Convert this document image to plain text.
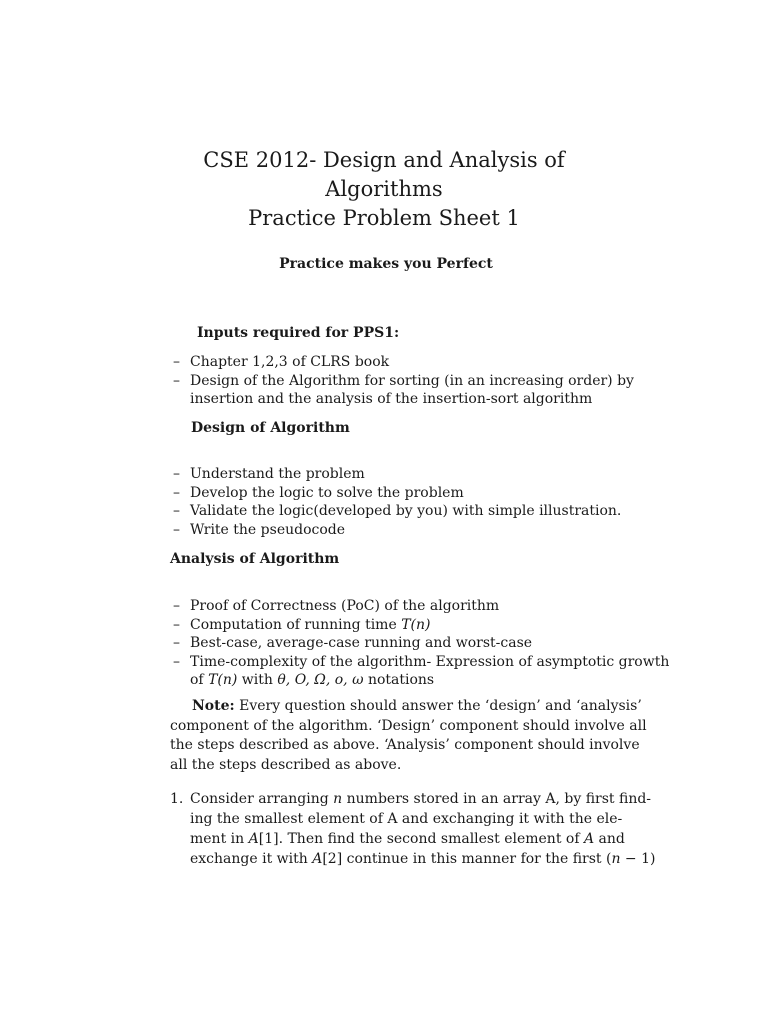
CSE 2012- Design and Analysis of
Algorithms
Practice Problem Sheet 1
Practice makes you Perfect
Inputs required for PPS1:
– Chapter 1,2,3 of CLRS book
– Design of the Algorithm for sorting (in an increasing order) by
insertion and the analysis of the insertion-sort algorithm
Design of Algorithm
– Understand the problem
– Develop the logic to solve the problem
– Validate the logic(developed by you) with simple illustration.
– Write the pseudocode
Analysis of Algorithm
– Proof of Correctness (PoC) of the algorithm
– Computation of running time T(n)
– Best-case, average-case running and worst-case
– Time-complexity of the algorithm- Expression of asymptotic growth
of T(n) with θ, O, Ω, o, ω notations
Note: Every question should answer the ‘design’ and ‘analysis’
component of the algorithm. ‘Design’ component should involve all
the steps described as above. ‘Analysis’ component should involve
all the steps described as above.
1. Consider arranging n numbers stored in an array A, by first find-
ing the smallest element of A and exchanging it with the ele-
ment in A[1]. Then find the second smallest element of A and
exchange it with A[2] continue in this manner for the first (n − 1)
